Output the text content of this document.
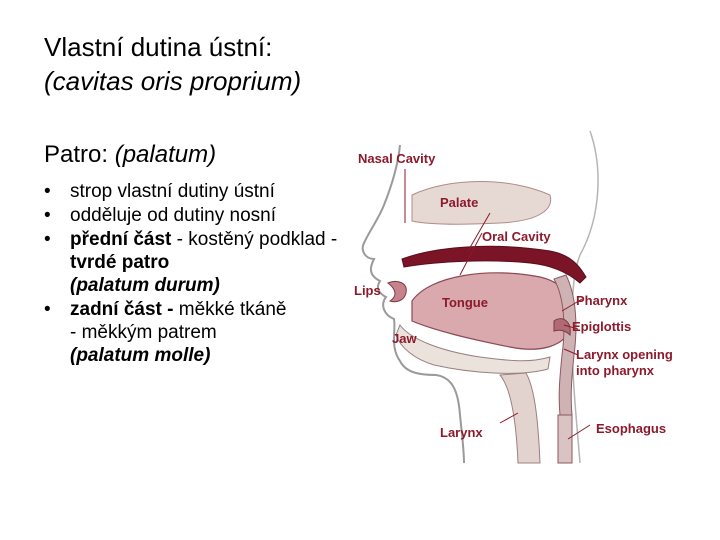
Vlastní dutina ústní:
(cavitas oris proprium)
Patro: (palatum)
• strop vlastní dutiny ústní
• odděluje od dutiny nosní
• přední část - kostěný podklad - tvrdé patro
(palatum durum)
• zadní část - měkké tkáně
- měkkým patrem
(palatum molle)
Nasal Cavity
Palate
Oral Cavity
Lips
Tongue
Jaw
Pharynx
Epiglottis
Larynx opening
into pharynx
Larynx	Esophagus
